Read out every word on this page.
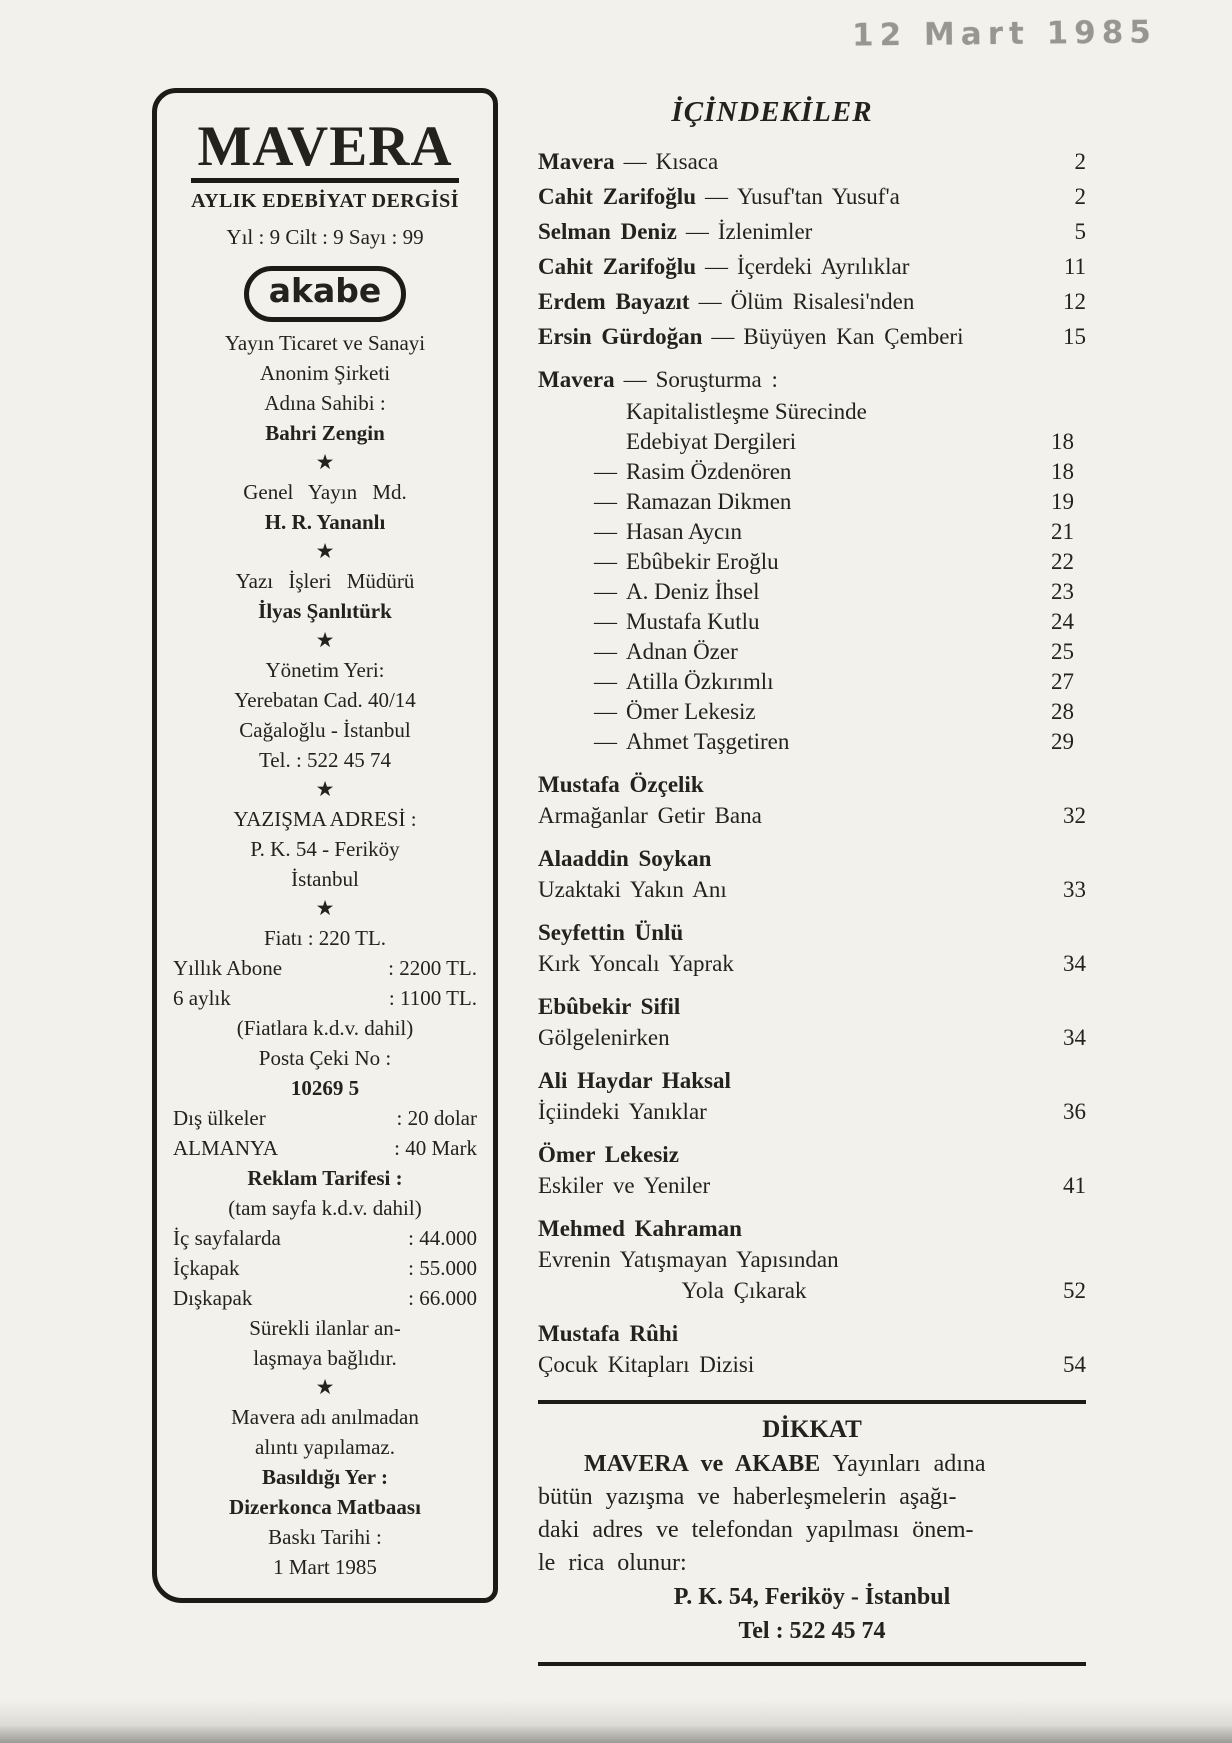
12 Mart 1985
MAVERA
AYLIK EDEBİYAT DERGİSİ
Yıl : 9 Cilt : 9 Sayı : 99
akabe
Yayın Ticaret ve Sanayi
Anonim Şirketi
Adına Sahibi :
Bahri Zengin
★
Genel Yayın Md.
H. R. Yananlı
★
Yazı İşleri Müdürü
İlyas Şanlıtürk
★
Yönetim Yeri:
Yerebatan Cad. 40/14
Cağaloğlu - İstanbul
Tel. : 522 45 74
★
YAZIŞMA ADRESİ :
P. K. 54 - Feriköy
İstanbul
★
Fiatı : 220 TL.
Yıllık Abone	: 2200 TL.
6 aylık	: 1100 TL.
(Fiatlara k.d.v. dahil)
Posta Çeki No :
10269 5
Dış ülkeler	: 20 dolar
ALMANYA	: 40 Mark
Reklam Tarifesi :
(tam sayfa k.d.v. dahil)
İç sayfalarda	: 44.000
İçkapak	: 55.000
Dışkapak	: 66.000
Sürekli ilanlar an-
laşmaya bağlıdır.
★
Mavera adı anılmadan
alıntı yapılamaz.
Basıldığı Yer :
Dizerkonca Matbaası
Baskı Tarihi :
1 Mart 1985
İÇİNDEKİLER
Mavera — Kısaca	2
Cahit Zarifoğlu — Yusuf'tan Yusuf'a	2
Selman Deniz — İzlenimler	5
Cahit Zarifoğlu — İçerdeki Ayrılıklar	11
Erdem Bayazıt — Ölüm Risalesi'nden	12
Ersin Gürdoğan — Büyüyen Kan Çemberi	15
Mavera — Soruşturma :
Kapitalistleşme Sürecinde
Edebiyat Dergileri	18
— Rasim Özdenören	18
— Ramazan Dikmen	19
— Hasan Aycın	21
— Ebûbekir Eroğlu	22
— A. Deniz İhsel	23
— Mustafa Kutlu	24
— Adnan Özer	25
— Atilla Özkırımlı	27
— Ömer Lekesiz	28
— Ahmet Taşgetiren	29
Mustafa Özçelik
Armağanlar Getir Bana	32
Alaaddin Soykan
Uzaktaki Yakın Anı	33
Seyfettin Ünlü
Kırk Yoncalı Yaprak	34
Ebûbekir Sifil
Gölgelenirken	34
Ali Haydar Haksal
İçiindeki Yanıklar	36
Ömer Lekesiz
Eskiler ve Yeniler	41
Mehmed Kahraman
Evrenin Yatışmayan Yapısından
Yola Çıkarak	52
Mustafa Rûhi
Çocuk Kitapları Dizisi	54
DİKKAT
MAVERA ve AKABE Yayınları adına
bütün yazışma ve haberleşmelerin aşağı-
daki adres ve telefondan yapılması önem-
le rica olunur:
P. K. 54, Feriköy - İstanbul
Tel : 522 45 74
